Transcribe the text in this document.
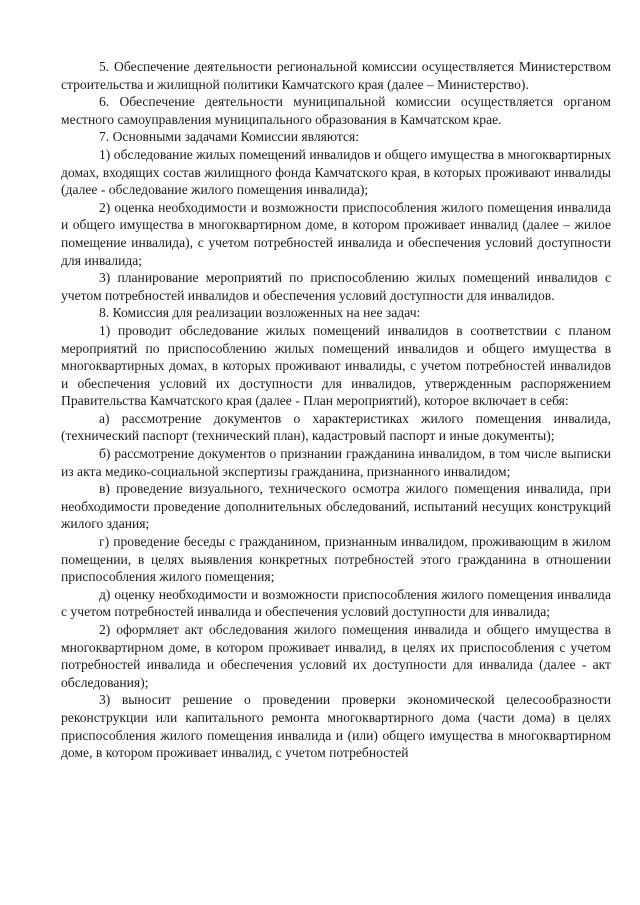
5. Обеспечение деятельности региональной комиссии осуществляется Министерством строительства и жилищной политики Камчатского края (далее – Министерство).

6. Обеспечение деятельности муниципальной комиссии осуществляется органом местного самоуправления муниципального образования в Камчатском крае.

7. Основными задачами Комиссии являются:

1) обследование жилых помещений инвалидов и общего имущества в многоквартирных домах, входящих состав жилищного фонда Камчатского края, в которых проживают инвалиды (далее - обследование жилого помещения инвалида);

2) оценка необходимости и возможности приспособления жилого помещения инвалида и общего имущества в многоквартирном доме, в котором проживает инвалид (далее – жилое помещение инвалида), с учетом потребностей инвалида и обеспечения условий доступности для инвалида;

3) планирование мероприятий по приспособлению жилых помещений инвалидов с учетом потребностей инвалидов и обеспечения условий доступности для инвалидов.

8. Комиссия для реализации возложенных на нее задач:

1) проводит обследование жилых помещений инвалидов в соответствии с планом мероприятий по приспособлению жилых помещений инвалидов и общего имущества в многоквартирных домах, в которых проживают инвалиды, с учетом потребностей инвалидов и обеспечения условий их доступности для инвалидов, утвержденным распоряжением Правительства Камчатского края (далее - План мероприятий), которое включает в себя:

а) рассмотрение документов о характеристиках жилого помещения инвалида, (технический паспорт (технический план), кадастровый паспорт и иные документы);

б) рассмотрение документов о признании гражданина инвалидом, в том числе выписки из акта медико-социальной экспертизы гражданина, признанного инвалидом;

в) проведение визуального, технического осмотра жилого помещения инвалида, при необходимости проведение дополнительных обследований, испытаний несущих конструкций жилого здания;

г) проведение беседы с гражданином, признанным инвалидом, проживающим в жилом помещении, в целях выявления конкретных потребностей этого гражданина в отношении приспособления жилого помещения;

д) оценку необходимости и возможности приспособления жилого помещения инвалида с учетом потребностей инвалида и обеспечения условий доступности для инвалида;

2) оформляет акт обследования жилого помещения инвалида и общего имущества в многоквартирном доме, в котором проживает инвалид, в целях их приспособления с учетом потребностей инвалида и обеспечения условий их доступности для инвалида (далее - акт обследования);

3) выносит решение о проведении проверки экономической целесообразности реконструкции или капитального ремонта многоквартирного дома (части дома) в целях приспособления жилого помещения инвалида и (или) общего имущества в многоквартирном доме, в котором проживает инвалид, с учетом потребностей
